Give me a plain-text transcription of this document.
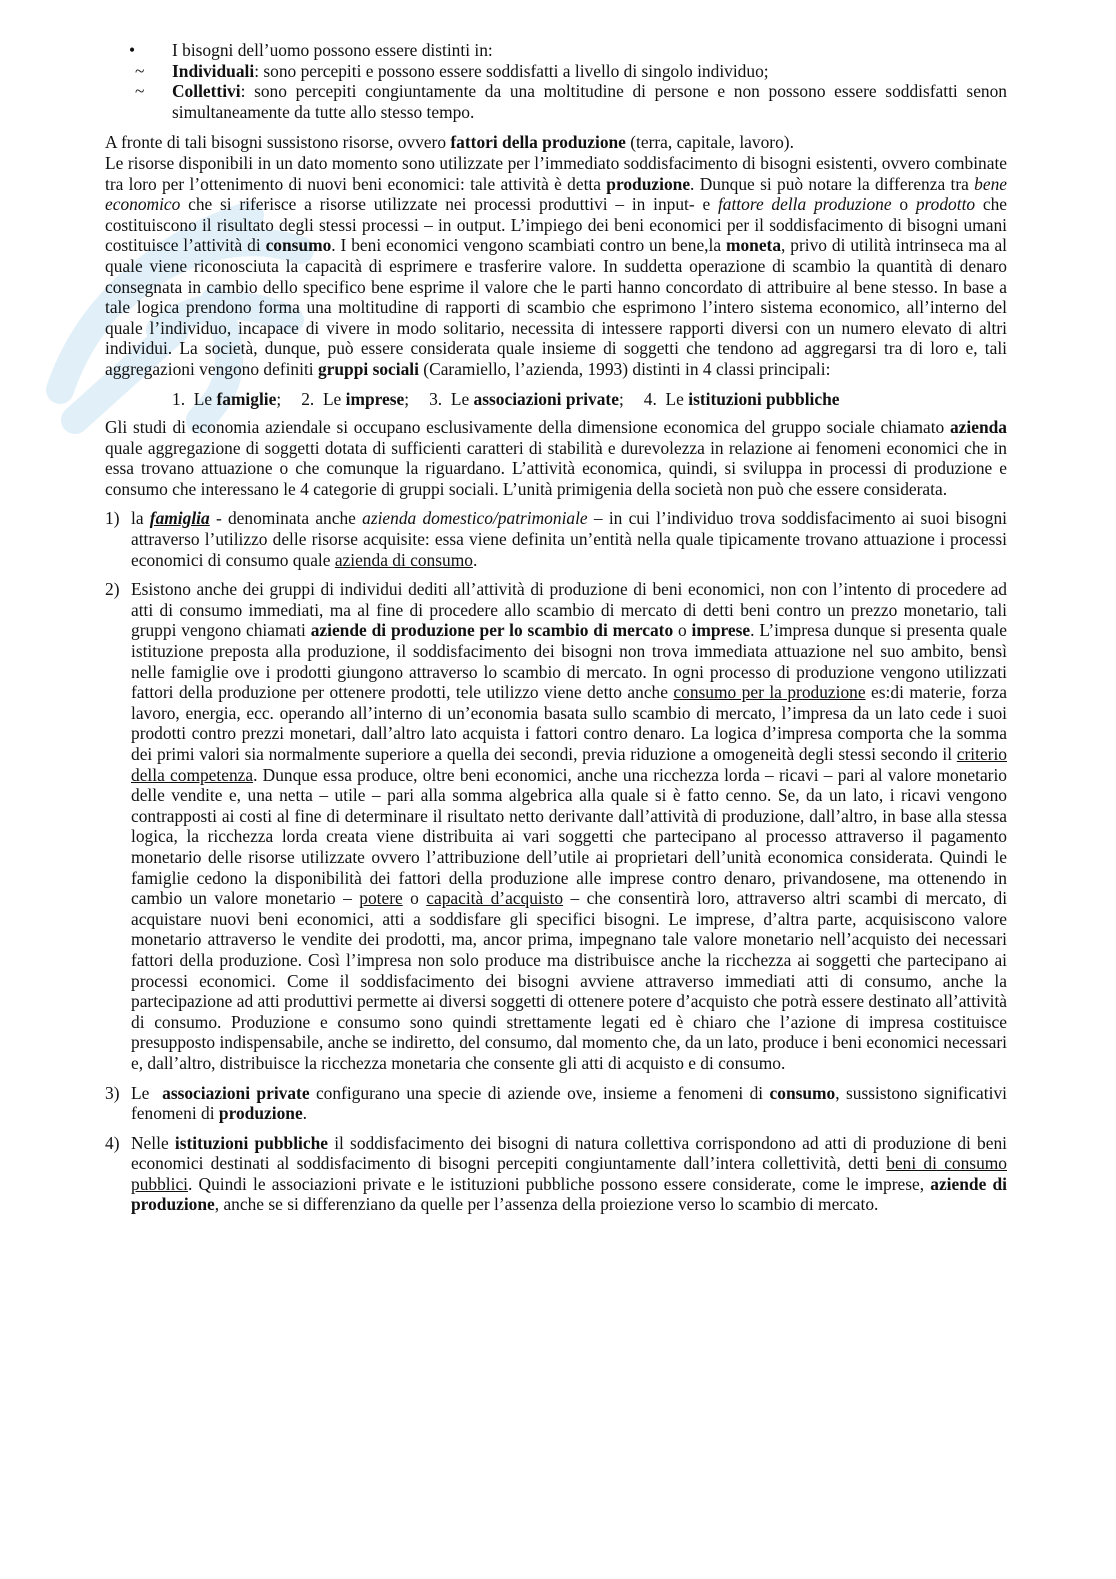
•	I bisogni dell’uomo possono essere distinti in:
~	Individuali: sono percepiti e possono essere soddisfatti a livello di singolo individuo;
~	Collettivi: sono percepiti congiuntamente da una moltitudine di persone e non possono essere soddisfatti senon simultaneamente da tutte allo stesso tempo.

A fronte di tali bisogni sussistono risorse, ovvero fattori della produzione (terra, capitale, lavoro).

Le risorse disponibili in un dato momento sono utilizzate per l’immediato soddisfacimento di bisogni esistenti, ovvero combinate tra loro per l’ottenimento di nuovi beni economici: tale attività è detta produzione. Dunque si può notare la differenza tra bene economico che si riferisce a risorse utilizzate nei processi produttivi – in input- e fattore della produzione o prodotto che costituiscono il risultato degli stessi processi – in output. L’impiego dei beni economici per il soddisfacimento di bisogni umani costituisce l’attività di consumo. I beni economici vengono scambiati contro un bene,la moneta, privo di utilità intrinseca ma al quale viene riconosciuta la capacità di esprimere e trasferire valore. In suddetta operazione di scambio la quantità di denaro consegnata in cambio dello specifico bene esprime il valore che le parti hanno concordato di attribuire al bene stesso. In base a tale logica prendono forma una moltitudine di rapporti di scambio che esprimono l’intero sistema economico, all’interno del quale l’individuo, incapace di vivere in modo solitario, necessita di intessere rapporti diversi con un numero elevato di altri individui. La società, dunque, può essere considerata quale insieme di soggetti che tendono ad aggregarsi tra di loro e, tali aggregazioni vengono definiti gruppi sociali (Caramiello, l’azienda, 1993) distinti in 4 classi principali:

1. Le famiglie; 2. Le imprese; 3. Le associazioni private; 4. Le istituzioni pubbliche

Gli studi di economia aziendale si occupano esclusivamente della dimensione economica del gruppo sociale chiamato azienda quale aggregazione di soggetti dotata di sufficienti caratteri di stabilità e durevolezza in relazione ai fenomeni economici che in essa trovano attuazione o che comunque la riguardano. L’attività economica, quindi, si sviluppa in processi di produzione e consumo che interessano le 4 categorie di gruppi sociali. L’unità primigenia della società non può che essere considerata.

1) la famiglia - denominata anche azienda domestico/patrimoniale – in cui l’individuo trova soddisfacimento ai suoi bisogni attraverso l’utilizzo delle risorse acquisite: essa viene definita un’entità nella quale tipicamente trovano attuazione i processi economici di consumo quale azienda di consumo.
2) Esistono anche dei gruppi di individui dediti all’attività di produzione di beni economici, non con l’intento di procedere ad atti di consumo immediati, ma al fine di procedere allo scambio di mercato di detti beni contro un prezzo monetario, tali gruppi vengono chiamati aziende di produzione per lo scambio di mercato o imprese. L’impresa dunque si presenta quale istituzione preposta alla produzione, il soddisfacimento dei bisogni non trova immediata attuazione nel suo ambito, bensì nelle famiglie ove i prodotti giungono attraverso lo scambio di mercato. In ogni processo di produzione vengono utilizzati fattori della produzione per ottenere prodotti, tele utilizzo viene detto anche consumo per la produzione es:di materie, forza lavoro, energia, ecc. operando all’interno di un’economia basata sullo scambio di mercato, l’impresa da un lato cede i suoi prodotti contro prezzi monetari, dall’altro lato acquista i fattori contro denaro. La logica d’impresa comporta che la somma dei primi valori sia normalmente superiore a quella dei secondi, previa riduzione a omogeneità degli stessi secondo il criterio della competenza. Dunque essa produce, oltre beni economici, anche una ricchezza lorda – ricavi – pari al valore monetario delle vendite e, una netta – utile – pari alla somma algebrica alla quale si è fatto cenno. Se, da un lato, i ricavi vengono contrapposti ai costi al fine di determinare il risultato netto derivante dall’attività di produzione, dall’altro, in base alla stessa logica, la ricchezza lorda creata viene distribuita ai vari soggetti che partecipano al processo attraverso il pagamento monetario delle risorse utilizzate ovvero l’attribuzione dell’utile ai proprietari dell’unità economica considerata. Quindi le famiglie cedono la disponibilità dei fattori della produzione alle imprese contro denaro, privandosene, ma ottenendo in cambio un valore monetario – potere o capacità d’acquisto – che consentirà loro, attraverso altri scambi di mercato, di acquistare nuovi beni economici, atti a soddisfare gli specifici bisogni. Le imprese, d’altra parte, acquisiscono valore monetario attraverso le vendite dei prodotti, ma, ancor prima, impegnano tale valore monetario nell’acquisto dei necessari fattori della produzione. Così l’impresa non solo produce ma distribuisce anche la ricchezza ai soggetti che partecipano ai processi economici. Come il soddisfacimento dei bisogni avviene attraverso immediati atti di consumo, anche la partecipazione ad atti produttivi permette ai diversi soggetti di ottenere potere d’acquisto che potrà essere destinato all’attività di consumo. Produzione e consumo sono quindi strettamente legati ed è chiaro che l’azione di impresa costituisce presupposto indispensabile, anche se indiretto, del consumo, dal momento che, da un lato, produce i beni economici necessari e, dall’altro, distribuisce la ricchezza monetaria che consente gli atti di acquisto e di consumo.
3) Le  associazioni private configurano una specie di aziende ove, insieme a fenomeni di consumo, sussistono significativi fenomeni di produzione.
4) Nelle istituzioni pubbliche il soddisfacimento dei bisogni di natura collettiva corrispondono ad atti di produzione di beni economici destinati al soddisfacimento di bisogni percepiti congiuntamente dall’intera collettività, detti beni di consumo pubblici. Quindi le associazioni private e le istituzioni pubbliche possono essere considerate, come le imprese, aziende di produzione, anche se si differenziano da quelle per l’assenza della proiezione verso lo scambio di mercato.
